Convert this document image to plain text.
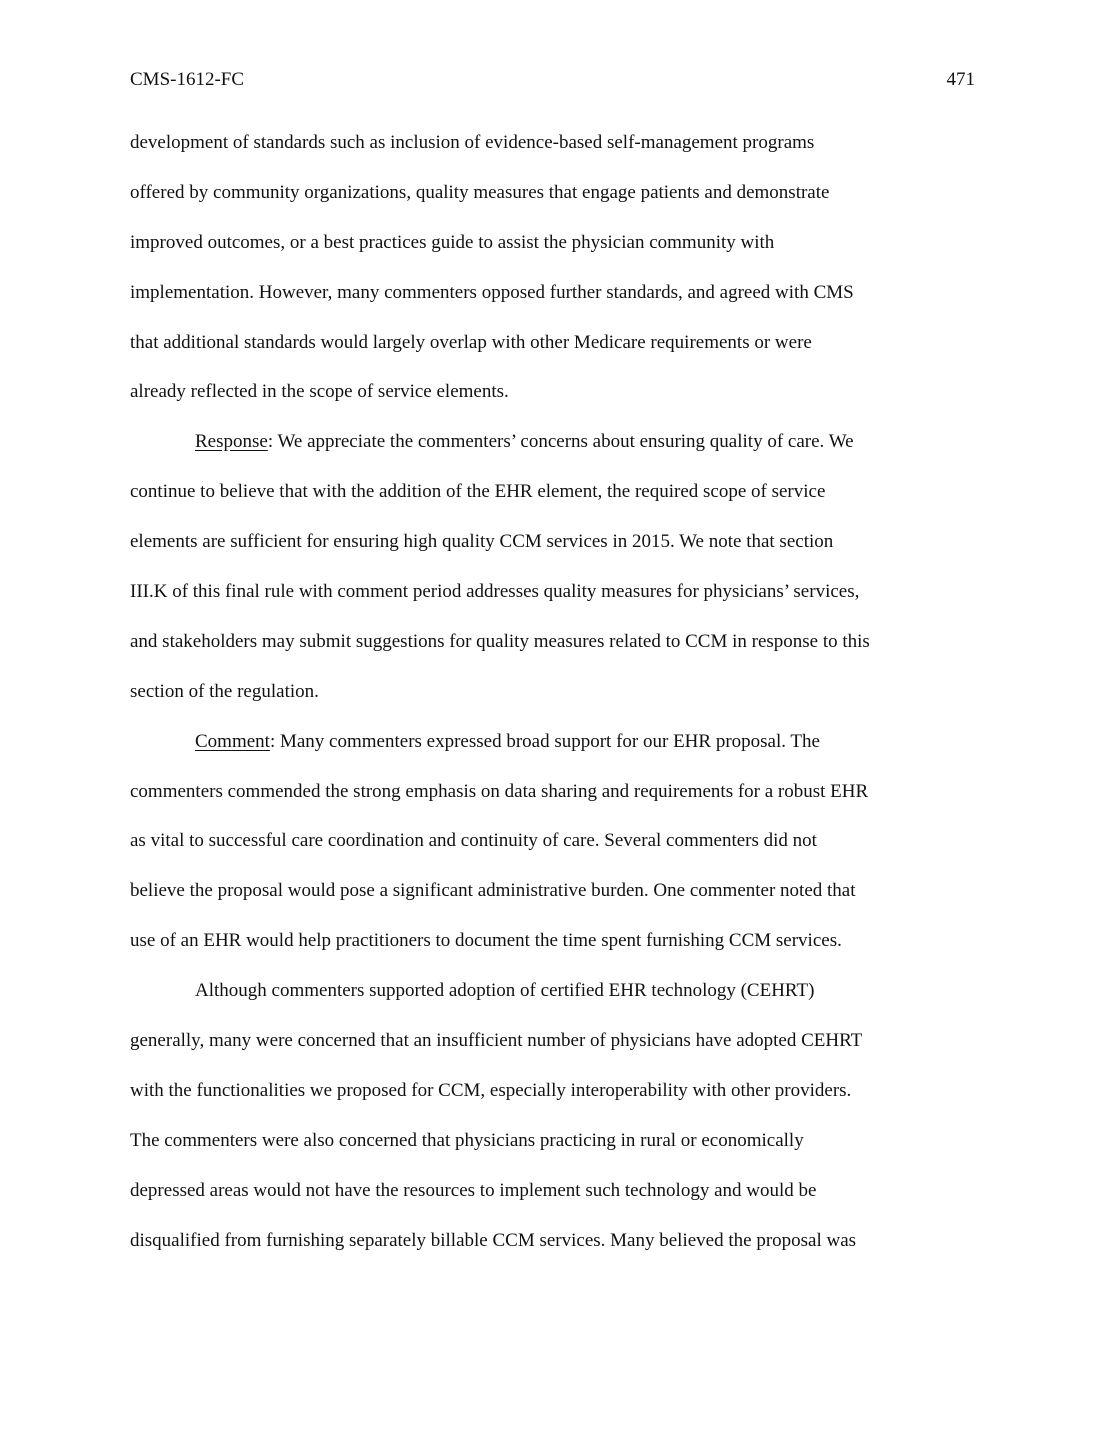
CMS-1612-FC	471
development of standards such as inclusion of evidence-based self-management programs
offered by community organizations, quality measures that engage patients and demonstrate
improved outcomes, or a best practices guide to assist the physician community with
implementation. However, many commenters opposed further standards, and agreed with CMS
that additional standards would largely overlap with other Medicare requirements or were
already reflected in the scope of service elements.
Response: We appreciate the commenters’ concerns about ensuring quality of care. We
continue to believe that with the addition of the EHR element, the required scope of service
elements are sufficient for ensuring high quality CCM services in 2015. We note that section
III.K of this final rule with comment period addresses quality measures for physicians’ services,
and stakeholders may submit suggestions for quality measures related to CCM in response to this
section of the regulation.
Comment: Many commenters expressed broad support for our EHR proposal. The
commenters commended the strong emphasis on data sharing and requirements for a robust EHR
as vital to successful care coordination and continuity of care. Several commenters did not
believe the proposal would pose a significant administrative burden. One commenter noted that
use of an EHR would help practitioners to document the time spent furnishing CCM services.
Although commenters supported adoption of certified EHR technology (CEHRT)
generally, many were concerned that an insufficient number of physicians have adopted CEHRT
with the functionalities we proposed for CCM, especially interoperability with other providers.
The commenters were also concerned that physicians practicing in rural or economically
depressed areas would not have the resources to implement such technology and would be
disqualified from furnishing separately billable CCM services. Many believed the proposal was
